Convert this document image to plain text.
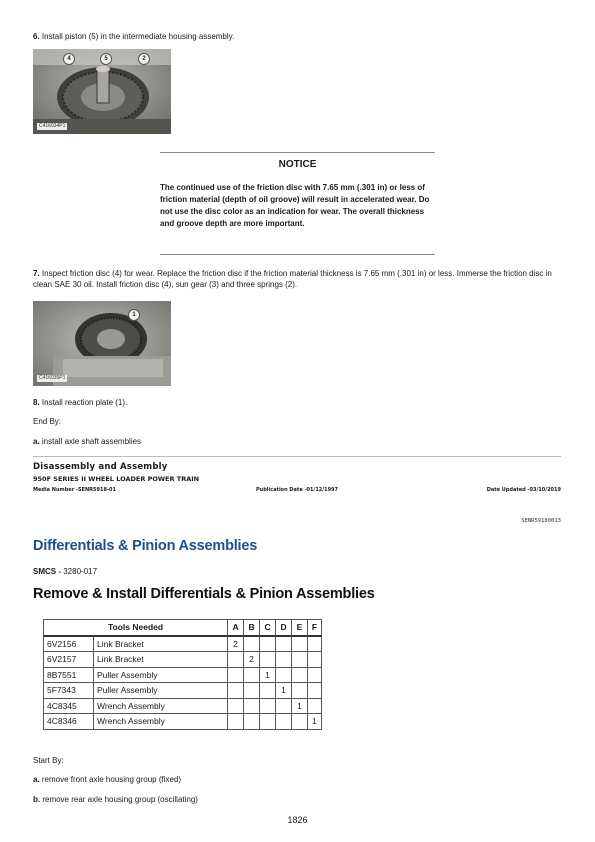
6. Install piston (5) in the intermediate housing assembly.
4	5	2
C416034P1
NOTICE
The continued use of the friction disc with 7.65 mm (.301 in) or less of friction material (depth of oil groove) will result in accelerated wear. Do not use the disc color as an indication for wear. The overall thickness and groove depth are more important.
7. Inspect friction disc (4) for wear. Replace the friction disc if the friction material thickness is 7.65 mm (.301 in) or less. Immerse the friction disc in clean SAE 30 oil. Install friction disc (4), sun gear (3) and three springs (2).
1
C416035P1
8. Install reaction plate (1).
End By:
a. install axle shaft assemblies
Disassembly and Assembly
950F SERIES II WHEEL LOADER POWER TRAIN
Media Number -SENR5918-01	Publication Date -01/12/1997	Date Updated -03/10/2019
SENR59180013
Differentials & Pinion Assemblies
SMCS - 3280-017
Remove & Install Differentials & Pinion Assemblies
Tools Needed		A	B	C	D	E	F
6V2156	Link Bracket	2					
6V2157	Link Bracket		2				
8B7551	Puller Assembly			1			
5F7343	Puller Assembly				1		
4C8345	Wrench Assembly					1	
4C8346	Wrench Assembly						1
Start By:
a. remove front axle housing group (fixed)
b. remove rear axle housing group (oscillating)
1826
